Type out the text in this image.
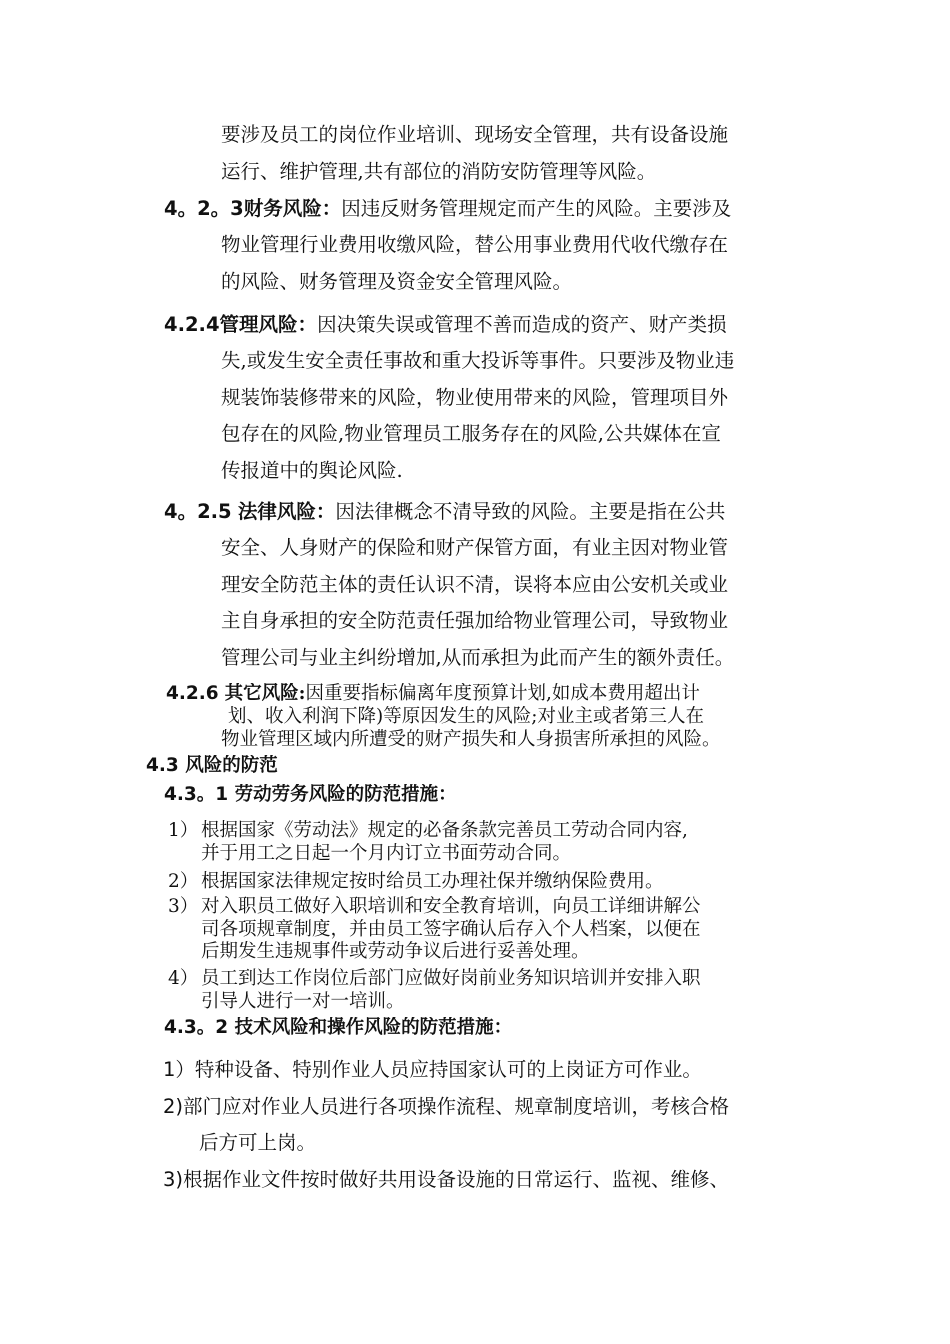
要涉及员工的岗位作业培训、现场安全管理，共有设备设施
运行、维护管理,共有部位的消防安防管理等风险。
4。2。3财务风险：因违反财务管理规定而产生的风险。主要涉及
物业管理行业费用收缴风险，替公用事业费用代收代缴存在
的风险、财务管理及资金安全管理风险。
4.2.4管理风险：因决策失误或管理不善而造成的资产、财产类损
失,或发生安全责任事故和重大投诉等事件。只要涉及物业违
规装饰装修带来的风险，物业使用带来的风险，管理项目外
包存在的风险,物业管理员工服务存在的风险,公共媒体在宣
传报道中的舆论风险.
4。2.5 法律风险：因法律概念不清导致的风险。主要是指在公共
安全、人身财产的保险和财产保管方面，有业主因对物业管
理安全防范主体的责任认识不清，误将本应由公安机关或业
主自身承担的安全防范责任强加给物业管理公司，导致物业
管理公司与业主纠纷增加,从而承担为此而产生的额外责任。
4.2.6 其它风险:因重要指标偏离年度预算计划,如成本费用超出计
划、收入利润下降)等原因发生的风险;对业主或者第三人在
物业管理区域内所遭受的财产损失和人身损害所承担的风险。
4.3 风险的防范
4.3。1 劳动劳务风险的防范措施：
1） 根据国家《劳动法》规定的必备条款完善员工劳动合同内容,
并于用工之日起一个月内订立书面劳动合同。
2） 根据国家法律规定按时给员工办理社保并缴纳保险费用。
3） 对入职员工做好入职培训和安全教育培训，向员工详细讲解公
司各项规章制度，并由员工签字确认后存入个人档案，以便在
后期发生违规事件或劳动争议后进行妥善处理。
4） 员工到达工作岗位后部门应做好岗前业务知识培训并安排入职
引导人进行一对一培训。
4.3。2 技术风险和操作风险的防范措施：
1）特种设备、特别作业人员应持国家认可的上岗证方可作业。
2)部门应对作业人员进行各项操作流程、规章制度培训，考核合格
后方可上岗。
3)根据作业文件按时做好共用设备设施的日常运行、监视、维修、
